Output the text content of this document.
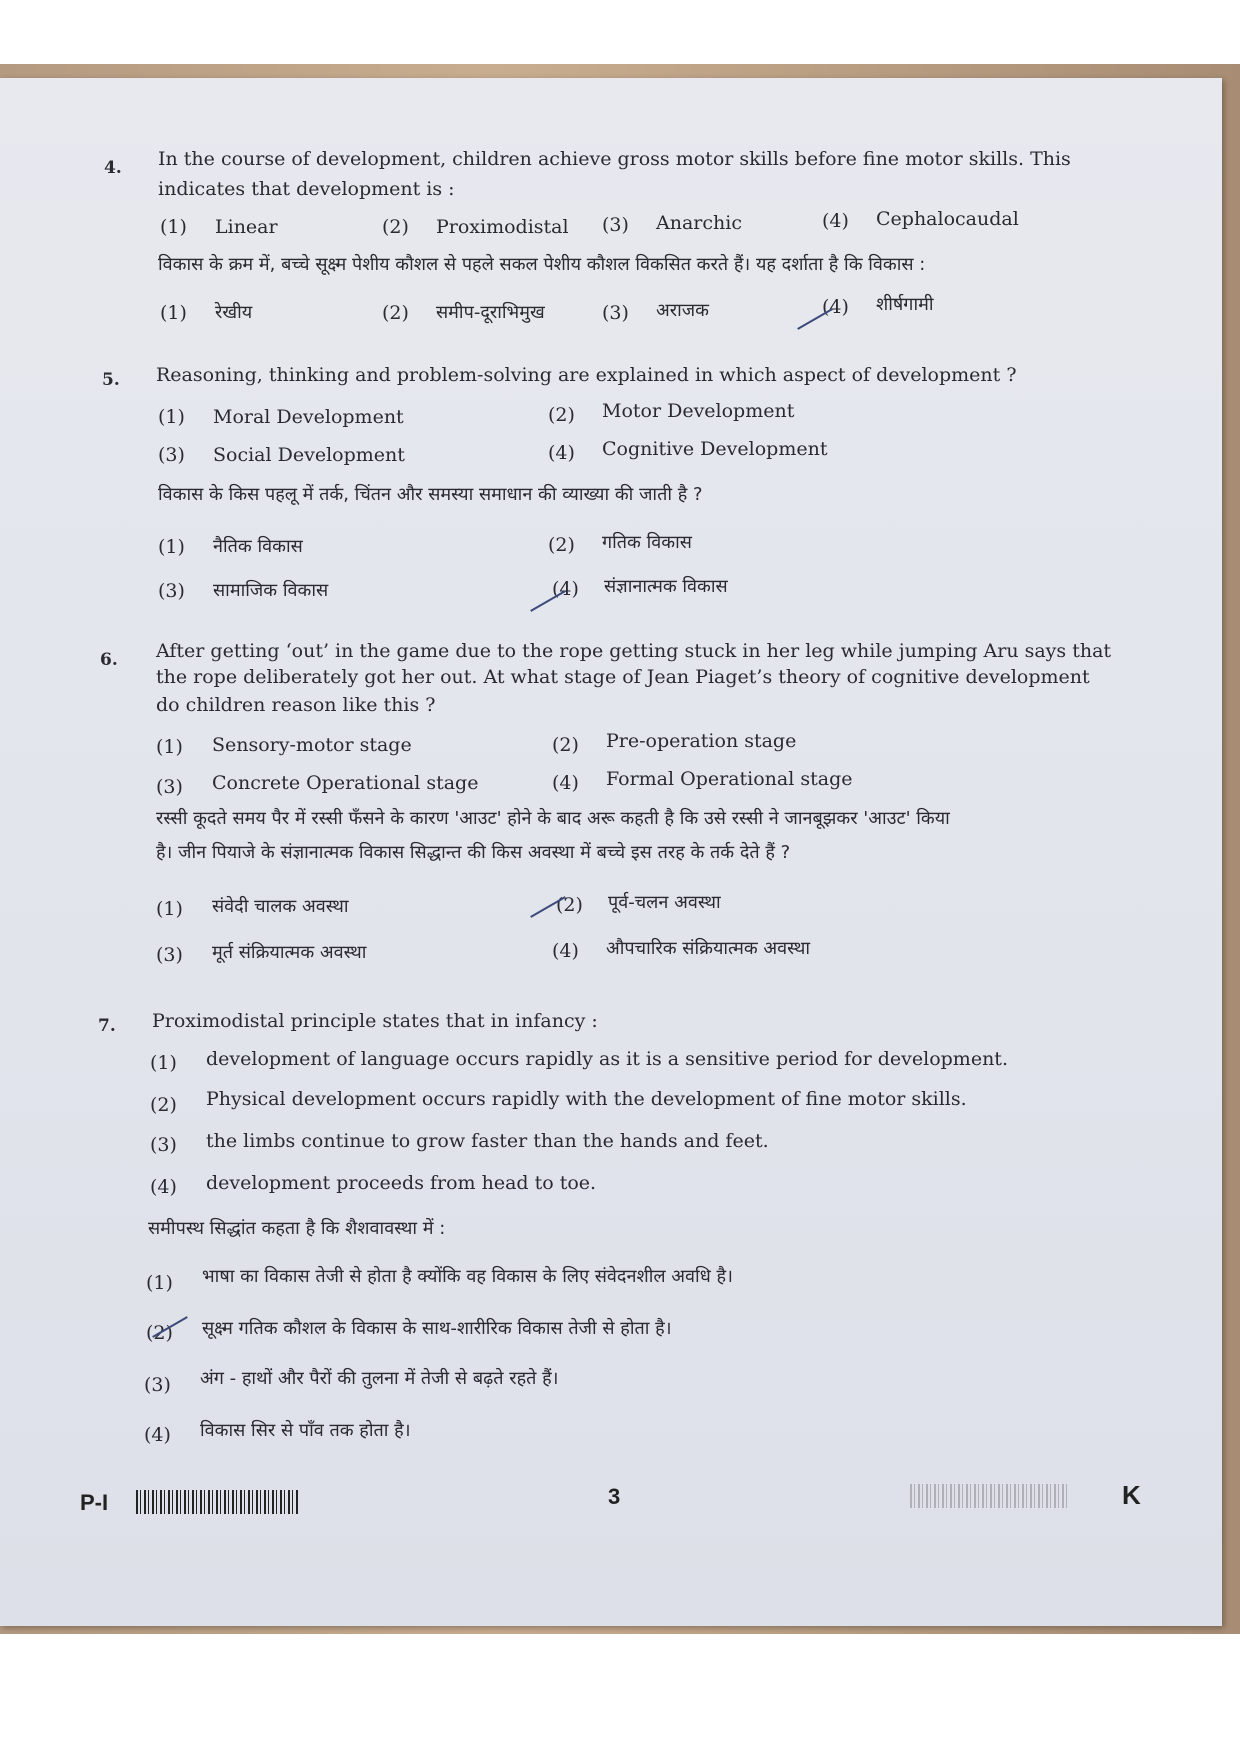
4. In the course of development, children achieve gross motor skills before fine motor skills. This
indicates that development is :
(1) Linear	(2) Proximodistal (3) Anarchic	(4) Cephalocaudal
विकास के क्रम में, बच्चे सूक्ष्म पेशीय कौशल से पहले सकल पेशीय कौशल विकसित करते हैं। यह दर्शाता है कि विकास :
(1) रेखीय	(2) समीप-दूराभिमुख	(3) अराजक	(4) शीर्षगामी
5. Reasoning, thinking and problem-solving are explained in which aspect of development ?
(1) Moral Development	(2) Motor Development
(3) Social Development	(4) Cognitive Development
विकास के किस पहलू में तर्क, चिंतन और समस्या समाधान की व्याख्या की जाती है ?
(1) नैतिक विकास	(2) गतिक विकास
(3) सामाजिक विकास	(4) संज्ञानात्मक विकास
6. After getting ‘out’ in the game due to the rope getting stuck in her leg while jumping Aru says that
the rope deliberately got her out. At what stage of Jean Piaget’s theory of cognitive development
do children reason like this ?
(1) Sensory-motor stage	(2) Pre-operation stage
(3) Concrete Operational stage	(4) Formal Operational stage
रस्सी कूदते समय पैर में रस्सी फँसने के कारण 'आउट' होने के बाद अरू कहती है कि उसे रस्सी ने जानबूझकर 'आउट' किया
है। जीन पियाजे के संज्ञानात्मक विकास सिद्धान्त की किस अवस्था में बच्चे इस तरह के तर्क देते हैं ?
(1) संवेदी चालक अवस्था	(2) पूर्व-चलन अवस्था
(3) मूर्त संक्रियात्मक अवस्था	(4) औपचारिक संक्रियात्मक अवस्था
7. Proximodistal principle states that in infancy :
(1) development of language occurs rapidly as it is a sensitive period for development.
(2) Physical development occurs rapidly with the development of fine motor skills.
(3) the limbs continue to grow faster than the hands and feet.
(4) development proceeds from head to toe.
समीपस्थ सिद्धांत कहता है कि शैशवावस्था में :
(1) भाषा का विकास तेजी से होता है क्योंकि वह विकास के लिए संवेदनशील अवधि है।
(2) सूक्ष्म गतिक कौशल के विकास के साथ-शारीरिक विकास तेजी से होता है।
(3) अंग - हाथों और पैरों की तुलना में तेजी से बढ़ते रहते हैं।
(4) विकास सिर से पाँव तक होता है।
P-I	3	K
